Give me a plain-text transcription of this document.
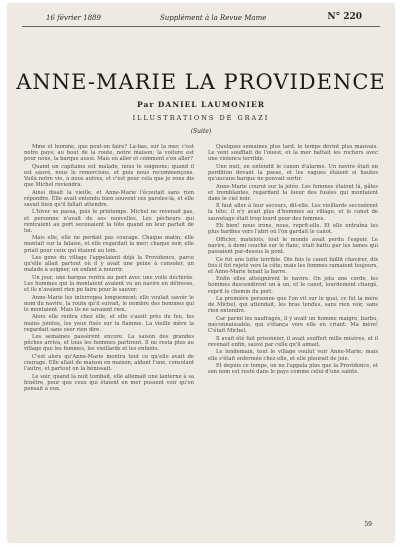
16 février 1889	Supplément à la Revue Mame	N° 220
ANNE-MARIE LA PROVIDENCE
Par DANIEL LAUMONIER
ILLUSTRATIONS DE GRAZI
(Suite)

Mme et homme, que peut-on faire? Là-bas, sur la mer, c'est notre pays; au bout de la route, notre maison; la voiture est pour nous, la barque aussi. Mais où aller et comment s'en aller?

Quand un capitaine est malade, nous le soignons; quand il est sauvé, nous le remercions, et puis nous recommençons. Voilà notre vie, à nous autres, et c'est pour cela que je vous dis que Michel reviendra.

Ainsi disait la vieille, et Anne-Marie l'écoutait sans rien répondre. Elle avait entendu bien souvent ces paroles-là, et elle savait bien qu'il fallait attendre.

L'hiver se passa, puis le printemps. Michel ne revenait pas, et personne n'avait de ses nouvelles. Les pêcheurs qui rentraient au port secouaient la tête quand on leur parlait de lui.

Mais elle, elle ne perdait pas courage. Chaque matin, elle montait sur la falaise, et elle regardait la mer; chaque soir, elle priait pour ceux qui étaient au loin.

Les gens du village l'appelaient déjà la Providence, parce qu'elle allait partout où il y avait une peine à consoler, un malade à soigner, un enfant à nourrir.

Un jour, une barque rentra au port avec une voile déchirée. Les hommes qui la montaient avaient vu un navire en détresse, et ils n'avaient rien pu faire pour le sauver.

Anne-Marie les interrogea longuement; elle voulait savoir le nom du navire, la route qu'il suivait, le nombre des hommes qui le montaient. Mais ils ne savaient rien.

Alors elle rentra chez elle, et elle s'assit près du feu, les mains jointes, les yeux fixés sur la flamme. La vieille mère la regardait sans oser rien dire.

Les semaines passèrent encore. La saison des grandes pêches arriva, et tous les hommes partirent. Il ne resta plus au village que les femmes, les vieillards et les enfants.

C'est alors qu'Anne-Marie montra tout ce qu'elle avait de courage. Elle allait de maison en maison, aidant l'une, consolant l'autre, et partout on la bénissait.

Le soir, quand la nuit tombait, elle allumait une lanterne à sa fenêtre, pour que ceux qui étaient en mer pussent voir qu'on pensait à eux.

Quelques semaines plus tard, le temps devint plus mauvais. Le vent soufflait de l'ouest, et la mer battait les rochers avec une violence terrible.

Une nuit, on entendit le canon d'alarme. Un navire était en perdition devant la passe, et les vagues étaient si hautes qu'aucune barque ne pouvait sortir.

Anne-Marie courut sur la jetée. Les femmes étaient là, pâles et tremblantes, regardant la lueur des fusées qui montaient dans le ciel noir.

Il faut aller à leur secours, dit-elle. Les vieillards secouèrent la tête; il n'y avait plus d'hommes au village, et le canot de sauvetage était trop lourd pour des femmes.

Eh bien! nous irons, nous, reprit-elle. Et elle entraîna les plus hardies vers l'abri où l'on gardait le canot.

Officier, matelots, tout le monde avait perdu l'espoir. Le navire, à demi couché sur le flanc, était battu par les lames qui passaient par-dessus le pont.

Ce fut une lutte terrible. Dix fois le canot faillit chavirer, dix fois il fut rejeté vers la côte; mais les femmes ramaient toujours, et Anne-Marie tenait la barre.

Enfin elles atteignirent le navire. On jeta une corde, les hommes descendirent un à un, et le canot, lourdement chargé, reprit le chemin du port.

La première personne que l'on vit sur le quai, ce fut la mère de Michel, qui attendait, les bras tendus, sans rien voir, sans rien entendre.

Car parmi les naufragés, il y avait un homme maigre, barbu, méconnaissable, qui s'élança vers elle en criant: Ma mère! C'était Michel.

Il avait été fait prisonnier, il avait souffert mille misères, et il revenait enfin, sauvé par celle qu'il aimait.

Le lendemain, tout le village voulut voir Anne-Marie; mais elle s'était enfermée chez elle, et elle pleurait de joie.

Et depuis ce temps, on ne l'appela plus que la Providence, et son nom est resté dans le pays comme celui d'une sainte.

59
